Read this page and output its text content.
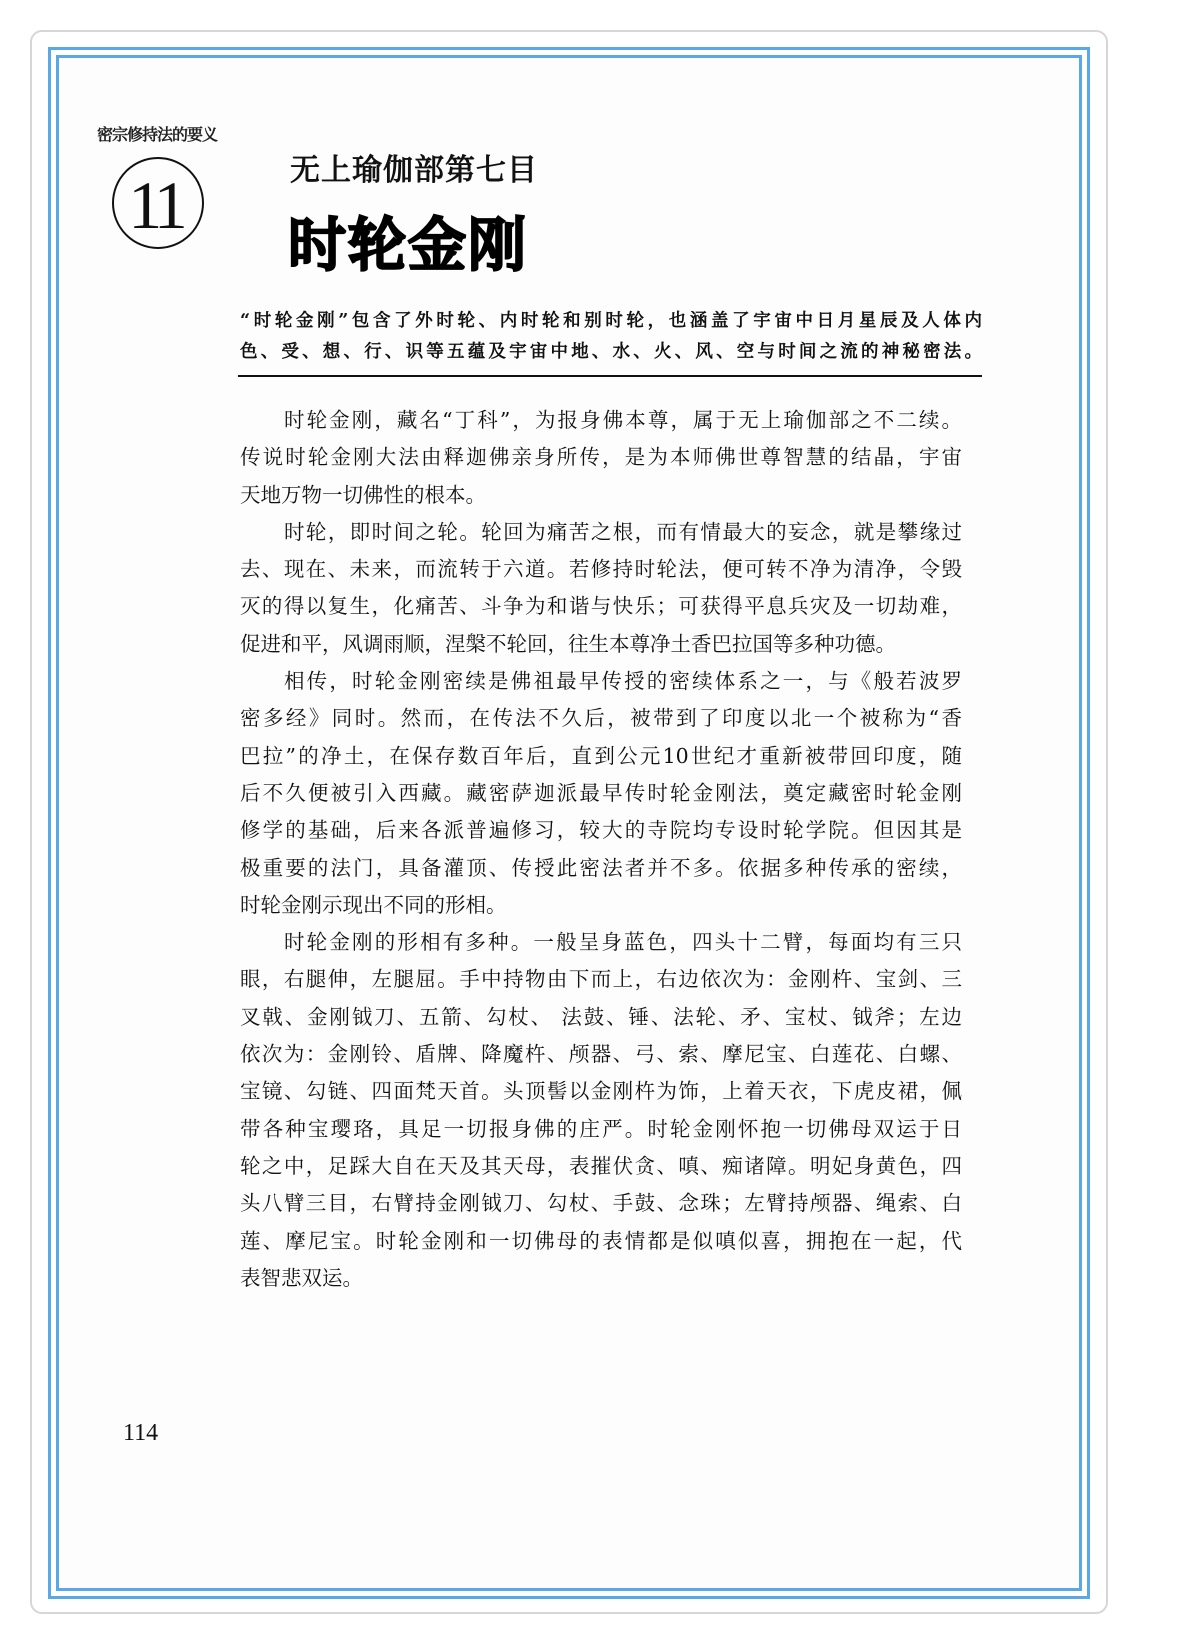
密宗修持法的要义
11	无上瑜伽部第七目
时轮金刚
“时轮金刚”包含了外时轮、内时轮和别时轮，也涵盖了宇宙中日月星辰及人体内
色、受、想、行、识等五蕴及宇宙中地、水、火、风、空与时间之流的神秘密法。
时轮金刚，藏名“丁科”，为报身佛本尊，属于无上瑜伽部之不二续。
传说时轮金刚大法由释迦佛亲身所传，是为本师佛世尊智慧的结晶，宇宙
天地万物一切佛性的根本。
时轮，即时间之轮。轮回为痛苦之根，而有情最大的妄念，就是攀缘过
去、现在、未来，而流转于六道。若修持时轮法，便可转不净为清净，令毁
灭的得以复生，化痛苦、斗争为和谐与快乐；可获得平息兵灾及一切劫难，
促进和平，风调雨顺，涅槃不轮回，往生本尊净土香巴拉国等多种功德。
相传，时轮金刚密续是佛祖最早传授的密续体系之一，与《般若波罗
密多经》同时。然而，在传法不久后，被带到了印度以北一个被称为“香
巴拉”的净土，在保存数百年后，直到公元10世纪才重新被带回印度，随
后不久便被引入西藏。藏密萨迦派最早传时轮金刚法，奠定藏密时轮金刚
修学的基础，后来各派普遍修习，较大的寺院均专设时轮学院。但因其是
极重要的法门，具备灌顶、传授此密法者并不多。依据多种传承的密续，
时轮金刚示现出不同的形相。
时轮金刚的形相有多种。一般呈身蓝色，四头十二臂，每面均有三只
眼，右腿伸，左腿屈。手中持物由下而上，右边依次为：金刚杵、宝剑、三
叉戟、金刚钺刀、五箭、勾杖、 法鼓、锤、法轮、矛、宝杖、钺斧；左边
依次为：金刚铃、盾牌、降魔杵、颅器、弓、索、摩尼宝、白莲花、白螺、
宝镜、勾链、四面梵天首。头顶髻以金刚杵为饰，上着天衣，下虎皮裙，佩
带各种宝璎珞，具足一切报身佛的庄严。时轮金刚怀抱一切佛母双运于日
轮之中，足踩大自在天及其天母，表摧伏贪、嗔、痴诸障。明妃身黄色，四
头八臂三目，右臂持金刚钺刀、勾杖、手鼓、念珠；左臂持颅器、绳索、白
莲、摩尼宝。时轮金刚和一切佛母的表情都是似嗔似喜，拥抱在一起，代
表智悲双运。
114
